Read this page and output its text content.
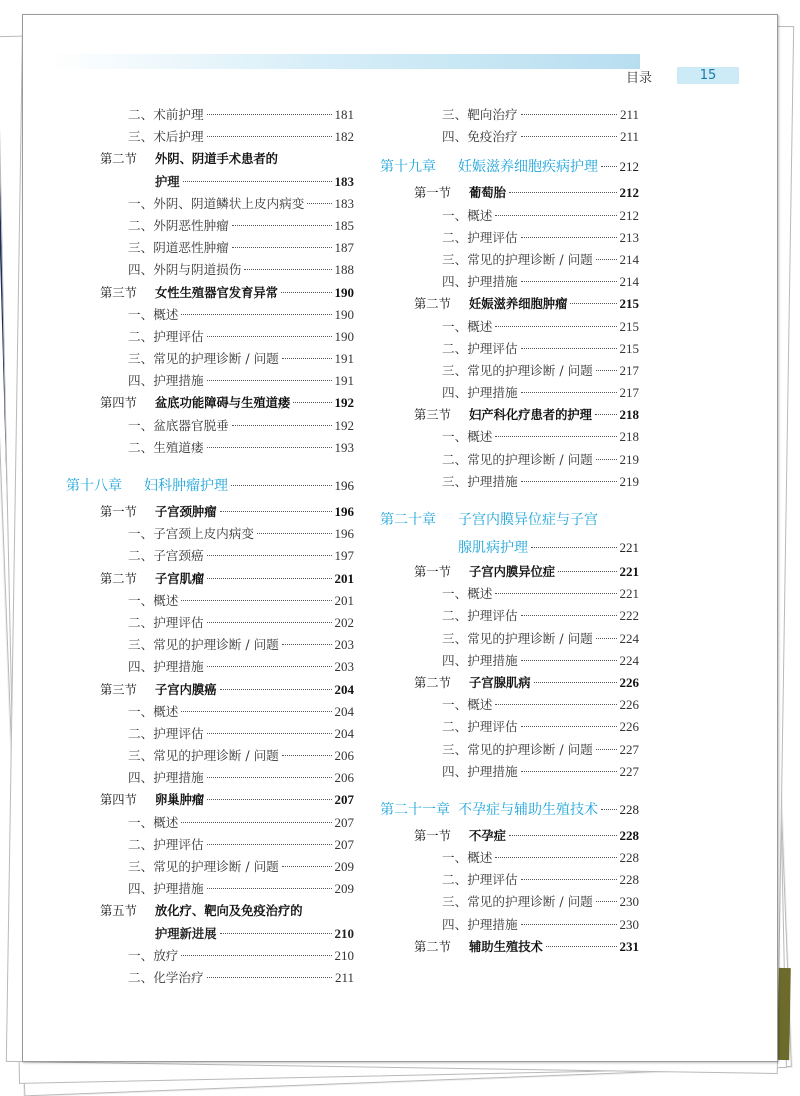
目录	15
二、术前护理	181
三、术后护理	182
第二节 外阴、阴道手术患者的
护理	183
一、外阴、阴道鳞状上皮内病变 183
二、外阴恶性肿瘤	185
三、阴道恶性肿瘤	187
四、外阴与阴道损伤	188
第三节 女性生殖器官发育异常	190
一、概述	190
二、护理评估	190
三、常见的护理诊断 / 问题	191
四、护理措施	191
第四节 盆底功能障碍与生殖道瘘	192
一、盆底器官脱垂	192
二、生殖道瘘	193
第十八章 妇科肿瘤护理	196
第一节 子宫颈肿瘤	196
一、子宫颈上皮内病变	196
二、子宫颈癌	197
第二节 子宫肌瘤	201
一、概述	201
二、护理评估	202
三、常见的护理诊断 / 问题	203
四、护理措施	203
第三节 子宫内膜癌	204
一、概述	204
二、护理评估	204
三、常见的护理诊断 / 问题	206
四、护理措施	206
第四节 卵巢肿瘤	207
一、概述	207
二、护理评估	207
三、常见的护理诊断 / 问题	209
四、护理措施	209
第五节 放化疗、靶向及免疫治疗的
护理新进展	210
一、放疗	210
二、化学治疗	211
三、靶向治疗	211
四、免疫治疗	211
第十九章 妊娠滋养细胞疾病护理 212
第一节 葡萄胎	212
一、概述	212
二、护理评估	213
三、常见的护理诊断 / 问题 214
四、护理措施	214
第二节 妊娠滋养细胞肿瘤	215
一、概述	215
二、护理评估	215
三、常见的护理诊断 / 问题 217
四、护理措施	217
第三节 妇产科化疗患者的护理 218
一、概述	218
二、常见的护理诊断 / 问题 219
三、护理措施	219
第二十章 子宫内膜异位症与子宫
腺肌病护理	221
第一节 子宫内膜异位症	221
一、概述	221
二、护理评估	222
三、常见的护理诊断 / 问题 224
四、护理措施	224
第二节 子宫腺肌病	226
一、概述	226
二、护理评估	226
三、常见的护理诊断 / 问题 227
四、护理措施	227
第二十一章 不孕症与辅助生殖技术 228
第一节 不孕症	228
一、概述	228
二、护理评估	228
三、常见的护理诊断 / 问题 230
四、护理措施	230
第二节 辅助生殖技术	231
